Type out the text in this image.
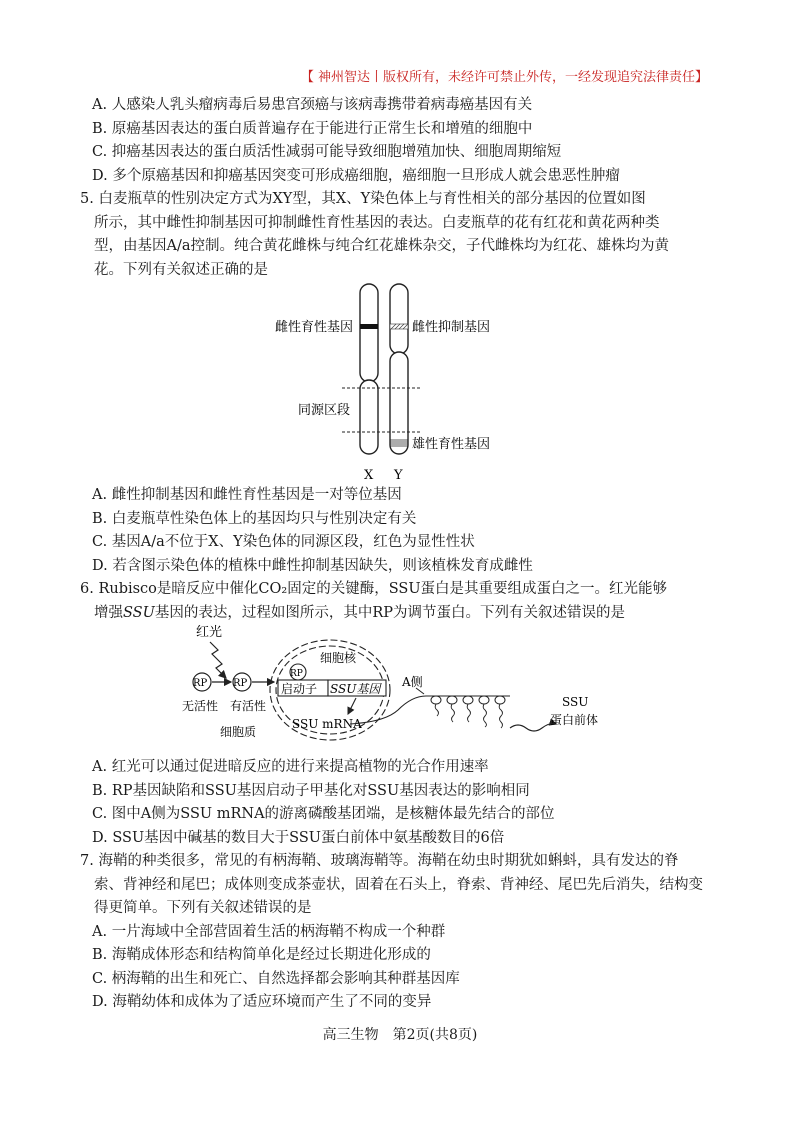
【 神州智达丨版权所有，未经许可禁止外传，一经发现追究法律责任】
A. 人感染人乳头瘤病毒后易患宫颈癌与该病毒携带着病毒癌基因有关
B. 原癌基因表达的蛋白质普遍存在于能进行正常生长和增殖的细胞中
C. 抑癌基因表达的蛋白质活性减弱可能导致细胞增殖加快、细胞周期缩短
D. 多个原癌基因和抑癌基因突变可形成癌细胞，癌细胞一旦形成人就会患恶性肿瘤
5. 白麦瓶草的性别决定方式为XY型，其X、Y染色体上与育性相关的部分基因的位置如图
所示，其中雌性抑制基因可抑制雌性育性基因的表达。白麦瓶草的花有红花和黄花两种类
型，由基因A/a控制。纯合黄花雌株与纯合红花雄株杂交，子代雌株均为红花、雄株均为黄
花。下列有关叙述正确的是
雌性育性基因	雌性抑制基因
同源区段
雄性育性基因
X Y
A. 雌性抑制基因和雌性育性基因是一对等位基因
B. 白麦瓶草性染色体上的基因均只与性别决定有关
C. 基因A/a不位于X、Y染色体的同源区段，红色为显性性状
D. 若含图示染色体的植株中雌性抑制基因缺失，则该植株发育成雌性
6. Rubisco是暗反应中催化CO₂固定的关键酶，SSU蛋白是其重要组成蛋白之一。红光能够
增强SSU基因的表达，过程如图所示，其中RP为调节蛋白。下列有关叙述错误的是
红光
RP	RP
无活性 有活性
细胞质
细胞核
RP
启动子 SSU基因
SSU mRNA
A侧
SSU
蛋白前体
A. 红光可以通过促进暗反应的进行来提高植物的光合作用速率
B. RP基因缺陷和SSU基因启动子甲基化对SSU基因表达的影响相同
C. 图中A侧为SSU mRNA的游离磷酸基团端，是核糖体最先结合的部位
D. SSU基因中碱基的数目大于SSU蛋白前体中氨基酸数目的6倍
7. 海鞘的种类很多，常见的有柄海鞘、玻璃海鞘等。海鞘在幼虫时期犹如蝌蚪，具有发达的脊
索、背神经和尾巴；成体则变成茶壶状，固着在石头上，脊索、背神经、尾巴先后消失，结构变
得更简单。下列有关叙述错误的是
A. 一片海域中全部营固着生活的柄海鞘不构成一个种群
B. 海鞘成体形态和结构简单化是经过长期进化形成的
C. 柄海鞘的出生和死亡、自然选择都会影响其种群基因库
D. 海鞘幼体和成体为了适应环境而产生了不同的变异
高三生物　第2页(共8页)
